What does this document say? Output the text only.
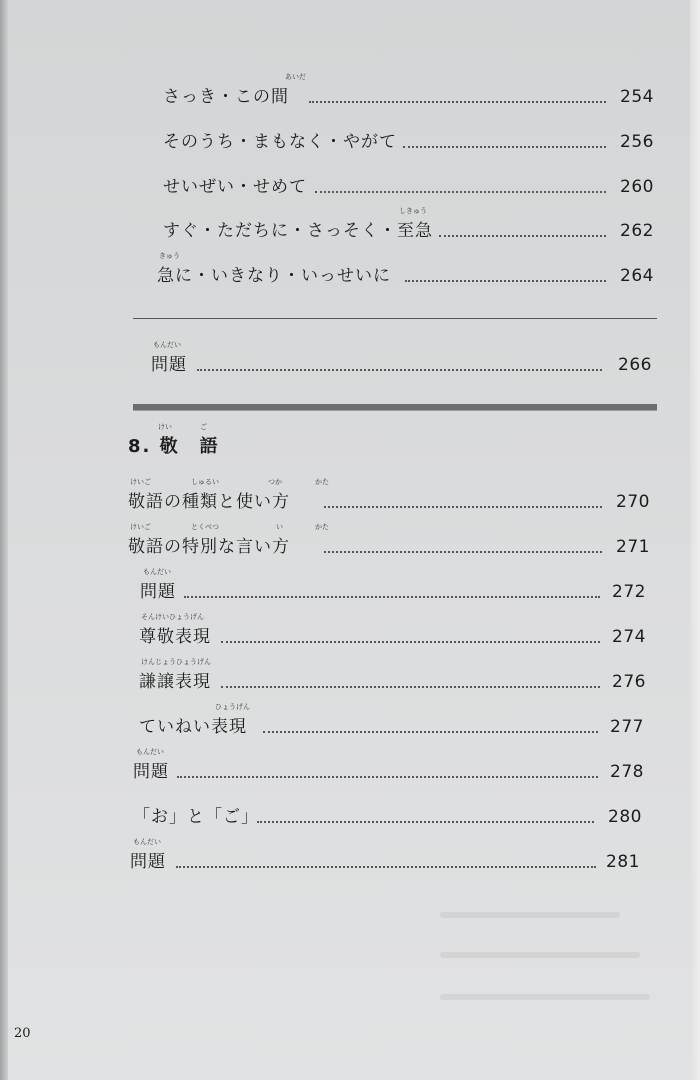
あいだ
さっき・この間	254
そのうち・まもなく・やがて	256
せいぜい・せめて	260
しきゅう
すぐ・ただちに・さっそく・至急	262
きゅう
急に・いきなり・いっせいに	264
もんだい
問題	266
けい	ご
8. 敬　語
けいご	しゅるい	つか	かた
敬語の種類と使い方	270
けいご	とくべつ	い	かた
敬語の特別な言い方	271
もんだい
問題	272
そんけいひょうげん
尊敬表現	274
けんじょうひょうげん
謙譲表現	276
ひょうげん
ていねい表現	277
もんだい
問題	278
「お」と「ご」	280
もんだい
問題	281
20
